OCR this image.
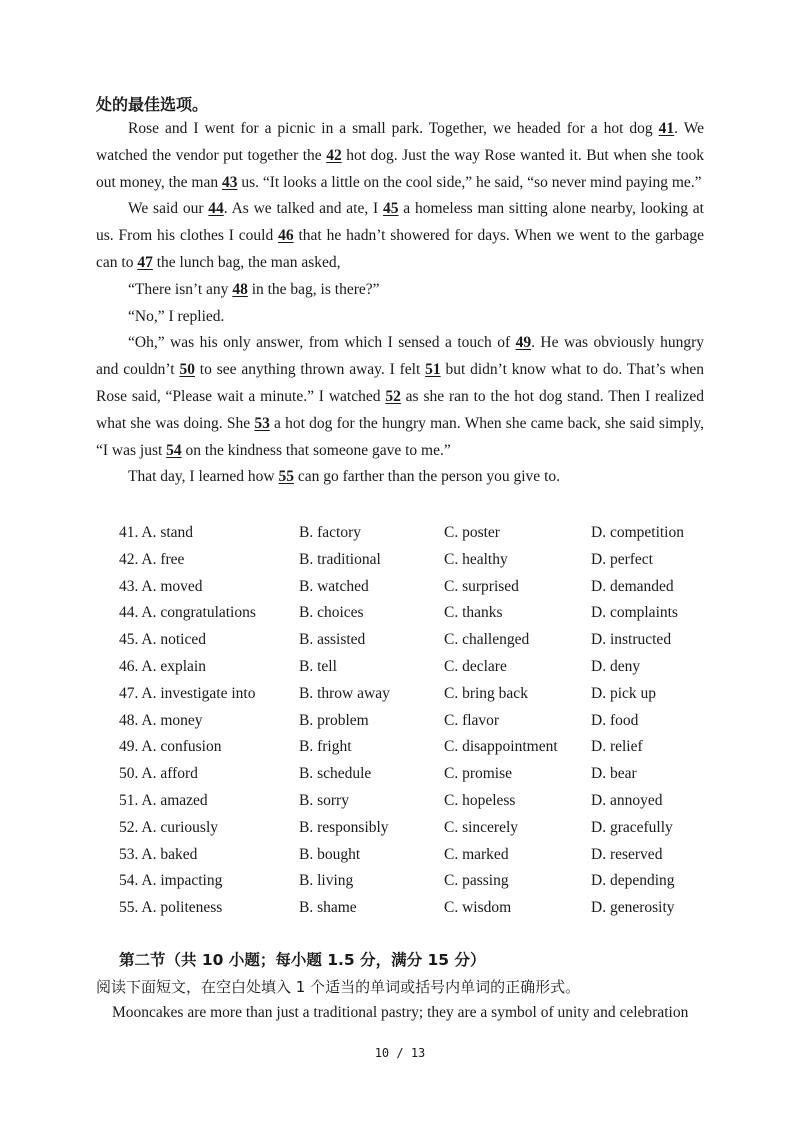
处的最佳选项。

Rose and I went for a picnic in a small park. Together, we headed for a hot dog 41. We watched the vendor put together the 42 hot dog. Just the way Rose wanted it. But when she took out money, the man 43 us. “It looks a little on the cool side,” he said, “so never mind paying me.”

We said our 44. As we talked and ate, I 45 a homeless man sitting alone nearby, looking at us. From his clothes I could 46 that he hadn’t showered for days. When we went to the garbage can to 47 the lunch bag, the man asked,

“There isn’t any 48 in the bag, is there?”

“No,” I replied.

“Oh,” was his only answer, from which I sensed a touch of 49. He was obviously hungry and couldn’t 50 to see anything thrown away. I felt 51 but didn’t know what to do. That’s when Rose said, “Please wait a minute.” I watched 52 as she ran to the hot dog stand. Then I realized what she was doing. She 53 a hot dog for the hungry man. When she came back, she said simply, “I was just 54 on the kindness that someone gave to me.”

That day, I learned how 55 can go farther than the person you give to.

41. A. stand	B. factory	C. poster	D. competition
42. A. free	B. traditional	C. healthy	D. perfect
43. A. moved	B. watched	C. surprised	D. demanded
44. A. congratulations	B. choices	C. thanks	D. complaints
45. A. noticed	B. assisted	C. challenged	D. instructed
46. A. explain	B. tell	C. declare	D. deny
47. A. investigate into	B. throw away	C. bring back	D. pick up
48. A. money	B. problem	C. flavor	D. food
49. A. confusion	B. fright	C. disappointment D. relief
50. A. afford	B. schedule	C. promise	D. bear
51. A. amazed	B. sorry	C. hopeless	D. annoyed
52. A. curiously	B. responsibly	C. sincerely	D. gracefully
53. A. baked	B. bought	C. marked	D. reserved
54. A. impacting	B. living	C. passing	D. depending
55. A. politeness	B. shame	C. wisdom	D. generosity
第二节（共 10 小题；每小题 1.5 分，满分 15 分）
阅读下面短文，在空白处填入 1 个适当的单词或括号内单词的正确形式。
Mooncakes are more than just a traditional pastry; they are a symbol of unity and celebration
10 / 13
